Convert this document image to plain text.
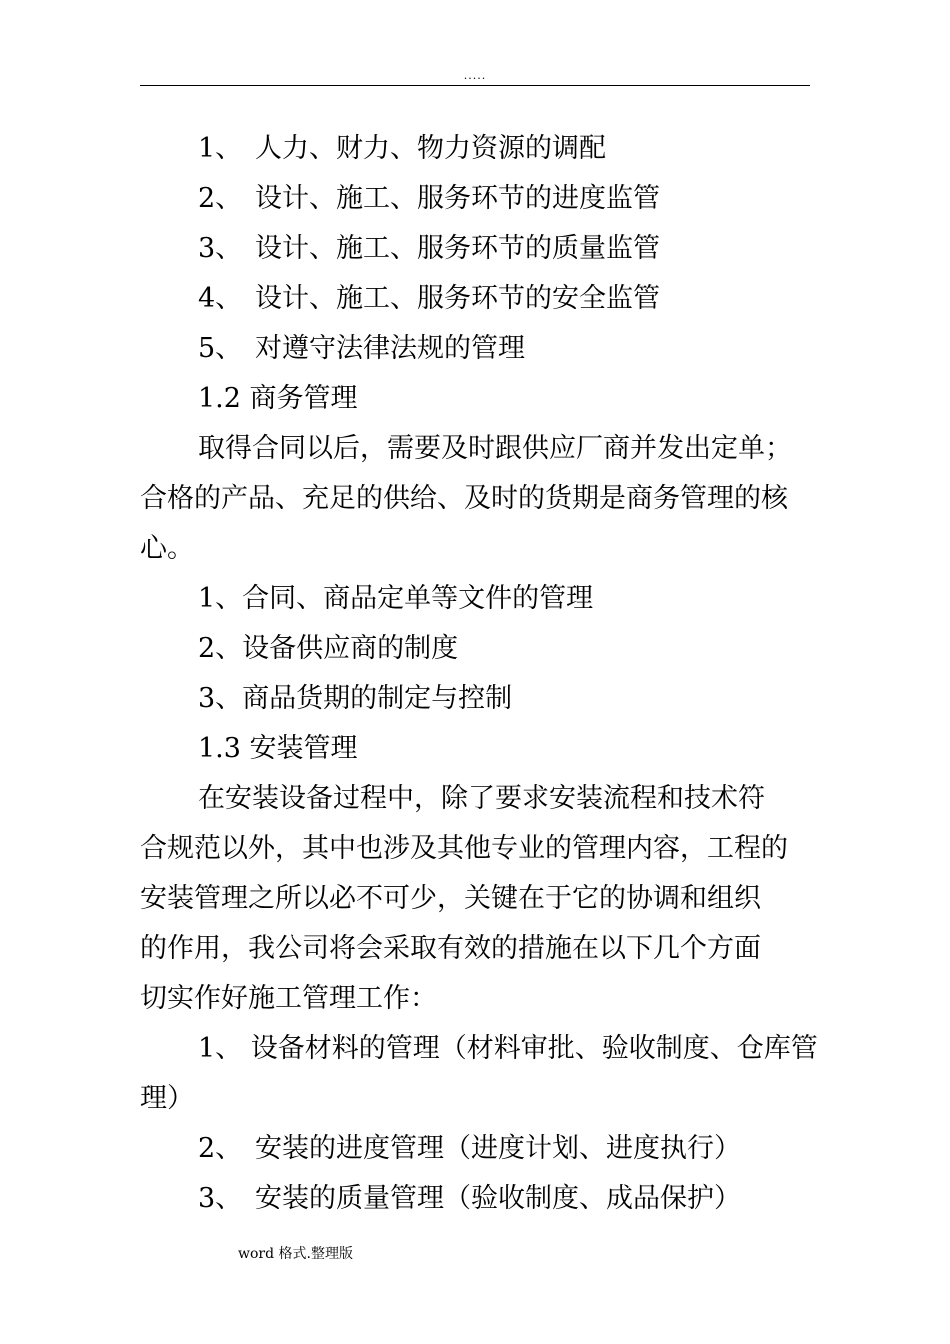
.....
1、 人力、财力、物力资源的调配
2、 设计、施工、服务环节的进度监管
3、 设计、施工、服务环节的质量监管
4、 设计、施工、服务环节的安全监管
5、 对遵守法律法规的管理
1.2 商务管理
取得合同以后，需要及时跟供应厂商并发出定单；
合格的产品、充足的供给、及时的货期是商务管理的核
心。
1、合同、商品定单等文件的管理
2、设备供应商的制度
3、商品货期的制定与控制
1.3 安装管理
在安装设备过程中，除了要求安装流程和技术符
合规范以外，其中也涉及其他专业的管理内容，工程的
安装管理之所以必不可少，关键在于它的协调和组织
的作用，我公司将会采取有效的措施在以下几个方面
切实作好施工管理工作：
1、 设备材料的管理（材料审批、验收制度、仓库管
理）
2、 安装的进度管理（进度计划、进度执行）
3、 安装的质量管理（验收制度、成品保护）
word 格式.整理版
